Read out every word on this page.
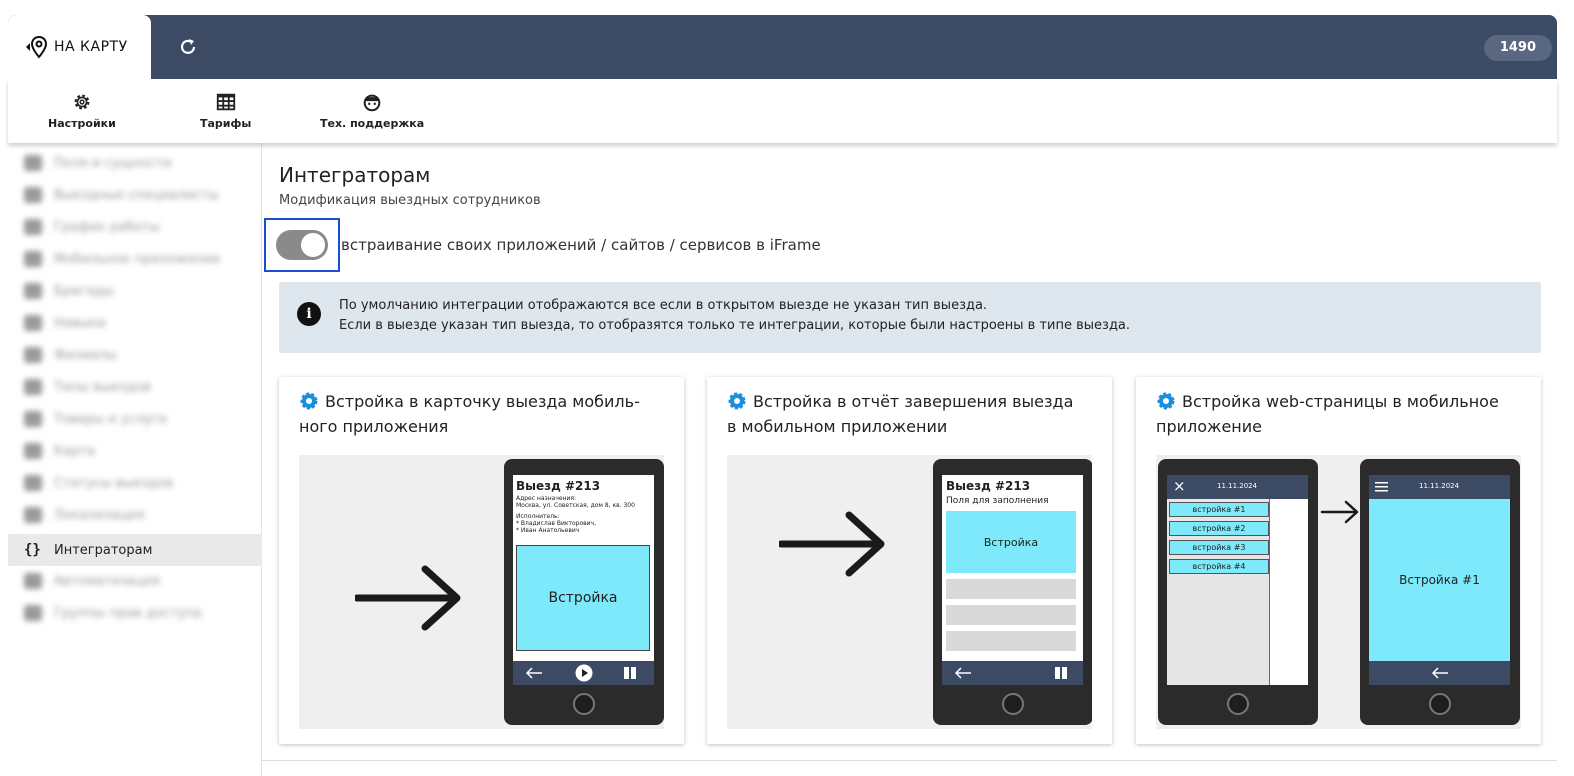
НА КАРТУ	1490
Настройки	Тарифы	Тех. поддержка
Поля и сущности
Выездные специалисты
График работы
Мобильное приложение
Бригады
Навыки
Филиалы
Типы выездов
Товары и услуги
Карта
Статусы выездов
Локализация
{} Интеграторам
Автоматизация
Группы прав доступа
Интеграторам
Модификация выездных сотрудников
встраивание своих приложений / сайтов / сервисов в iFrame
i
По умолчанию интеграции отображаются все если в открытом выезде не указан тип выезда.
Если в выезде указан тип выезда, то отобразятся только те интеграции, которые были настроены в типе выезда.
Встройка в карточку выезда мобиль-
ного приложения
Выезд #213
Адрес назначения:
Москва, ул. Советская, дом 8, кв. 300
Исполнитель:
* Владислав Викторович,
* Иван Анатольевич
Встройка
Встройка в отчёт завершения выезда
в мобильном приложении
Выезд #213
Поля для заполнения
Встройка
Встройка web-страницы в мобильное
приложение
×	11.11.2024
встройка #1
встройка #2
встройка #3
встройка #4
11.11.2024
Встройка #1
